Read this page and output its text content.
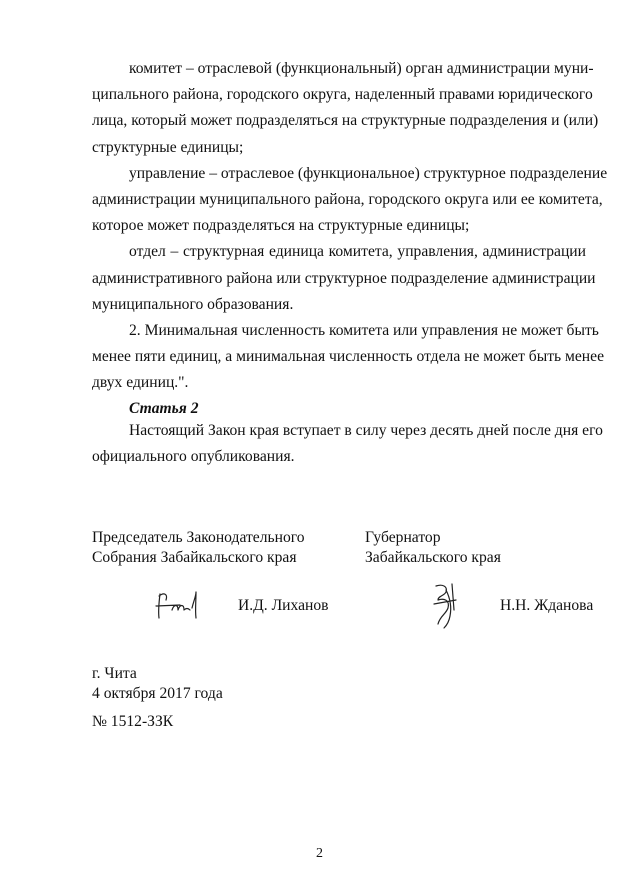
комитет – отраслевой (функциональный) орган администрации муни-
ципального района, городского округа, наделенный правами юридического
лица, который может подразделяться на структурные подразделения и (или)
структурные единицы;

управление – отраслевое (функциональное) структурное подразделение
администрации муниципального района, городского округа или ее комитета,
которое может подразделяться на структурные единицы;

отдел – структурная единица комитета, управления, администрации
административного района или структурное подразделение администрации
муниципального образования.

2. Минимальная численность комитета или управления не может быть
менее пяти единиц, а минимальная численность отдела не может быть менее
двух единиц.".

Статья 2
Настоящий Закон края вступает в силу через десять дней после дня его
официального опубликования.
Председатель Законодательного
Собрания Забайкальского края
Губернатор
Забайкальского края
И.Д. Лиханов	Н.Н. Жданова
г. Чита
4 октября 2017 года
№ 1512-ЗЗК
2
